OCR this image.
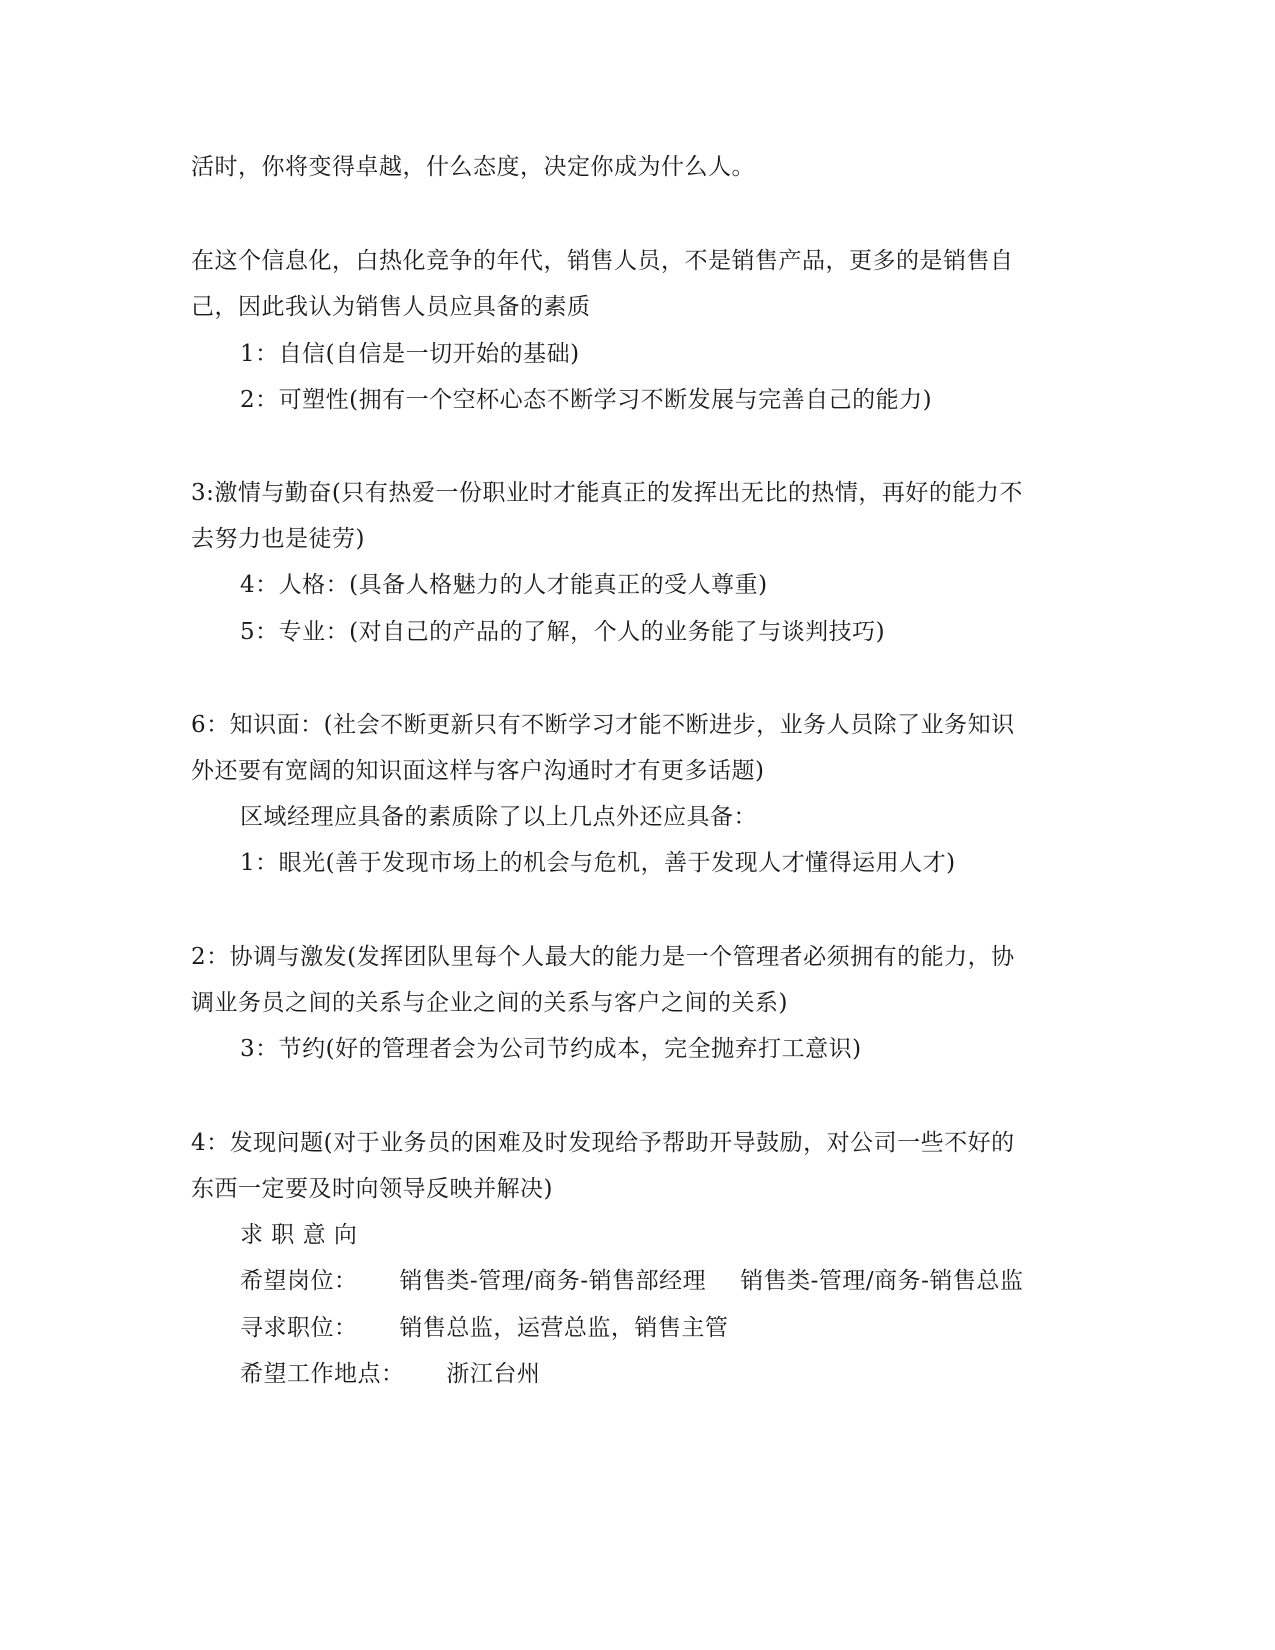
活时，你将变得卓越，什么态度，决定你成为什么人。
在这个信息化，白热化竞争的年代，销售人员，不是销售产品，更多的是销售自
己，因此我认为销售人员应具备的素质
1：自信(自信是一切开始的基础)
2：可塑性(拥有一个空杯心态不断学习不断发展与完善自己的能力)
3:激情与勤奋(只有热爱一份职业时才能真正的发挥出无比的热情，再好的能力不
去努力也是徒劳)
4：人格：(具备人格魅力的人才能真正的受人尊重)
5：专业：(对自己的产品的了解，个人的业务能了与谈判技巧)
6：知识面：(社会不断更新只有不断学习才能不断进步，业务人员除了业务知识
外还要有宽阔的知识面这样与客户沟通时才有更多话题)
区域经理应具备的素质除了以上几点外还应具备：
1：眼光(善于发现市场上的机会与危机，善于发现人才懂得运用人才)
2：协调与激发(发挥团队里每个人最大的能力是一个管理者必须拥有的能力，协
调业务员之间的关系与企业之间的关系与客户之间的关系)
3：节约(好的管理者会为公司节约成本，完全抛弃打工意识)
4：发现问题(对于业务员的困难及时发现给予帮助开导鼓励，对公司一些不好的
东西一定要及时向领导反映并解决)
求 职 意 向
希望岗位： 销售类-管理/商务-销售部经理 销售类-管理/商务-销售总监
寻求职位： 销售总监，运营总监，销售主管
希望工作地点： 浙江台州
